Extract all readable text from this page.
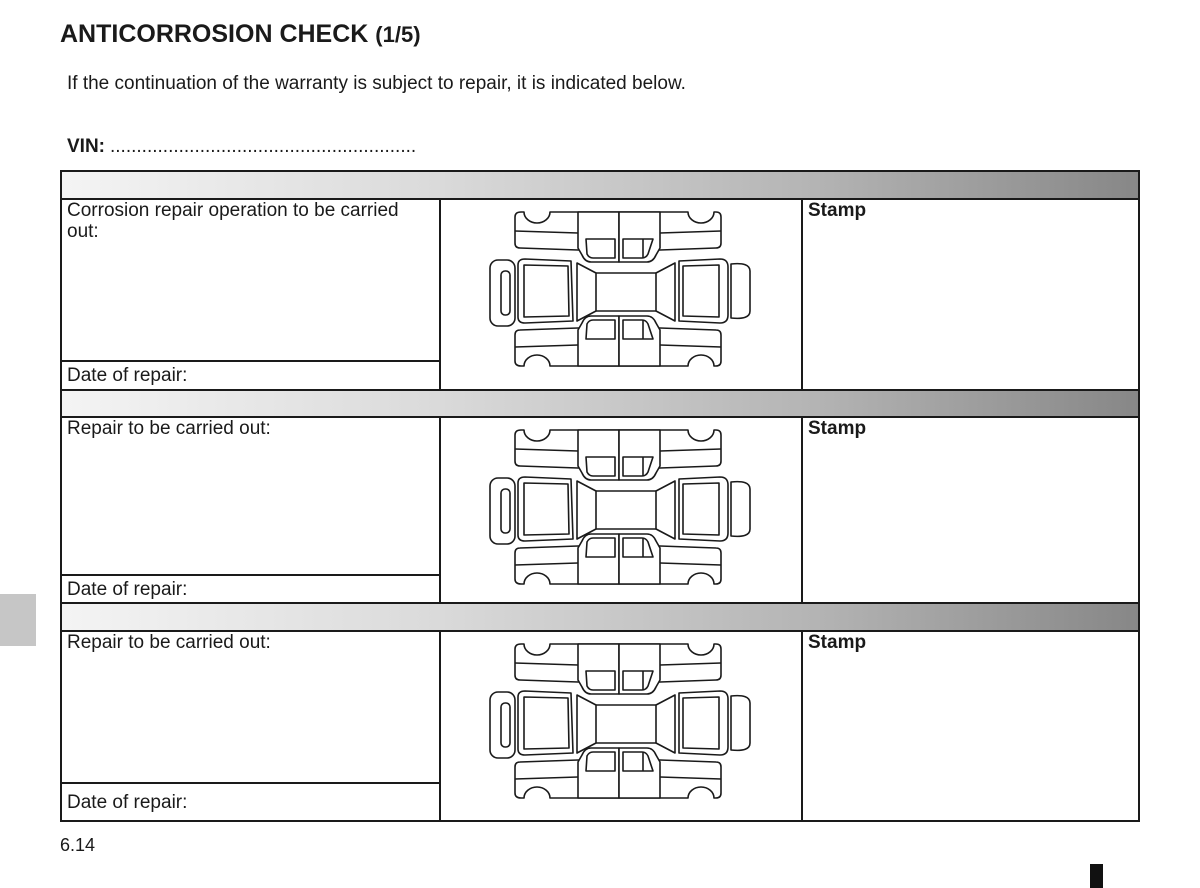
ANTICORROSION CHECK (1/5)
If the continuation of the warranty is subject to repair, it is indicated below.
VIN: ..........................................................
Corrosion repair operation to be carried out:
Date of repair:
Stamp
Repair to be carried out:
Date of repair:
Stamp
Repair to be carried out:
Date of repair:
Stamp
6.14
